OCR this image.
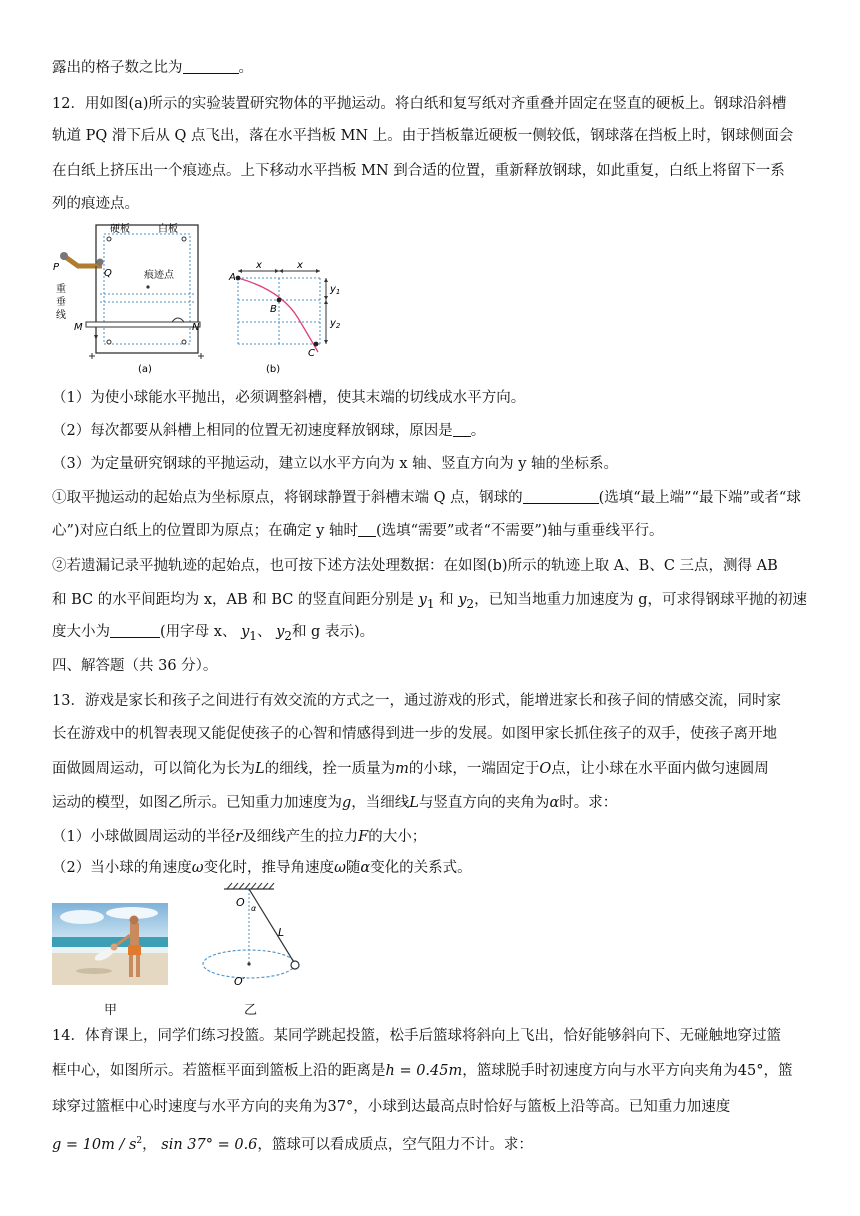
露出的格子数之比为	。
12．用如图(a)所示的实验装置研究物体的平抛运动。将白纸和复写纸对齐重叠并固定在竖直的硬板上。钢球沿斜槽
轨道 PQ 滑下后从 Q 点飞出，落在水平挡板 MN 上。由于挡板靠近硬板一侧较低，钢球落在挡板上时，钢球侧面会
在白纸上挤压出一个痕迹点。上下移动水平挡板 MN 到合适的位置，重新释放钢球，如此重复，白纸上将留下一系
列的痕迹点。
硬板	白板
P
Q	痕迹点
重
垂
线
M	N
(a)
A
B
C
x	x
$y_1$
$y_2$
(b)
（1）为使小球能水平抛出，必须调整斜槽，使其末端的切线成水平方向。
（2）每次都要从斜槽上相同的位置无初速度释放钢球，原因是 。
（3）为定量研究钢球的平抛运动，建立以水平方向为 x 轴、竖直方向为 y 轴的坐标系。
①取平抛运动的起始点为坐标原点，将钢球静置于斜槽末端 Q 点，钢球的	(选填“最上端”“最下端”或者“球
心”)对应白纸上的位置即为原点；在确定 y 轴时 (选填“需要”或者“不需要”)轴与重垂线平行。
②若遗漏记录平抛轨迹的起始点，也可按下述方法处理数据：在如图(b)所示的轨迹上取 A、B、C 三点，测得 AB
和 BC 的水平间距均为 x，AB 和 BC 的竖直间距分别是 $y_1$ 和 $y_2$，已知当地重力加速度为 g，可求得钢球平抛的初速
度大小为	(用字母 x、 $y_1$、 $y_2$和 g 表示)。
四、解答题（共 36 分）。
13．游戏是家长和孩子之间进行有效交流的方式之一，通过游戏的形式，能增进家长和孩子间的情感交流，同时家
长在游戏中的机智表现又能促使孩子的心智和情感得到进一步的发展。如图甲家长抓住孩子的双手，使孩子离开地
面做圆周运动，可以简化为长为L的细线，拴一质量为m的小球，一端固定于O点，让小球在水平面内做匀速圆周
运动的模型，如图乙所示。已知重力加速度为g，当细线L与竖直方向的夹角为α时。求：
（1）小球做圆周运动的半径r及细线产生的拉力F的大小；
（2）当小球的角速度ω变化时，推导角速度ω随α变化的关系式。
甲
O α
L
O′
乙
14．体育课上，同学们练习投篮。某同学跳起投篮，松手后篮球将斜向上飞出，恰好能够斜向下、无碰触地穿过篮
框中心，如图所示。若篮框平面到篮板上沿的距离是h = 0.45m，篮球脱手时初速度方向与水平方向夹角为45°，篮
球穿过篮框中心时速度与水平方向的夹角为37°，小球到达最高点时恰好与篮板上沿等高。已知重力加速度
$g = 10m / s^2$， sin 37° = 0.6，篮球可以看成质点，空气阻力不计。求：
